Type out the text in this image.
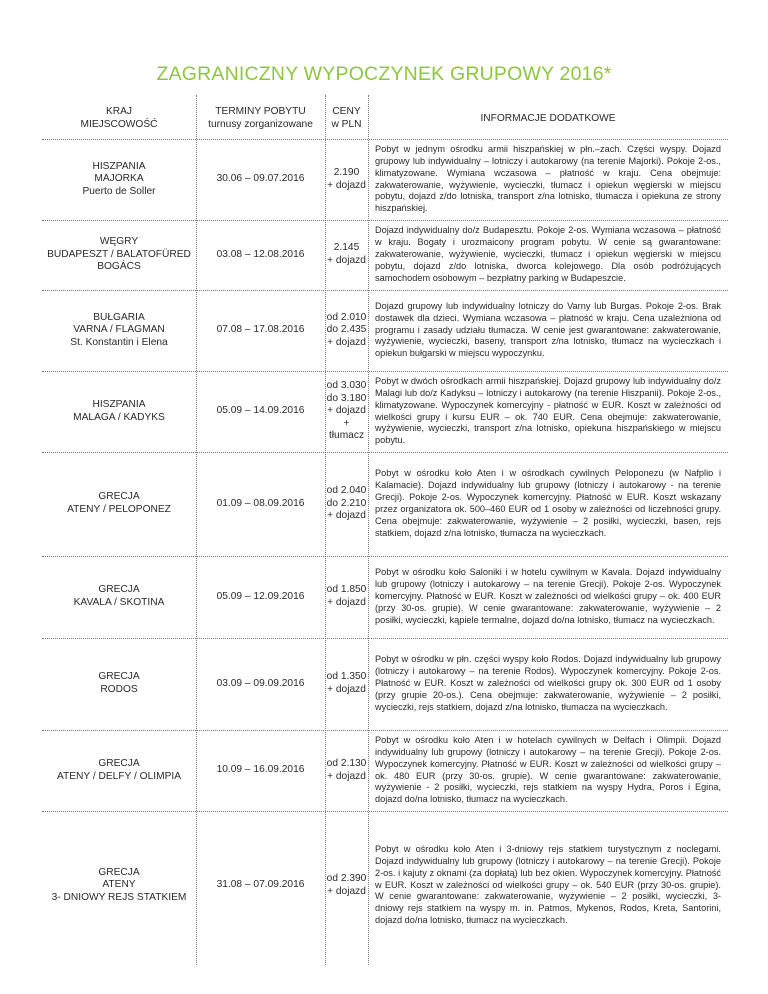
ZAGRANICZNY WYPOCZYNEK GRUPOWY 2016*
KRAJ
MIEJSCOWOŚĆ
TERMINY POBYTU
turnusy zorganizowane
CENY
w PLN
INFORMACJE DODATKOWE
HISZPANIA
MAJORKA
Puerto de Soller
30.06 – 09.07.2016
2.190
+ dojazd
Pobyt w jednym ośrodku armii hiszpańskiej w płn.–zach. Części wyspy. Dojazd grupowy lub indywidualny – lotniczy i autokarowy (na terenie Majorki). Pokoje 2-os., klimatyzowane. Wymiana wczasowa – płatność w kraju. Cena obejmuje: zakwaterowanie, wyżywienie, wycieczki, tłumacz i opiekun węgierski w miejscu pobytu, dojazd z/do lotniska, transport z/na lotnisko, tłumacza i opiekuna ze strony hiszpańskiej.
WĘGRY
BUDAPESZT / BALATOFÜRED
BOGÁCS
03.08 – 12.08.2016
2.145
+ dojazd
Dojazd indywidualny do/z Budapesztu. Pokoje 2-os. Wymiana wczasowa – płatność w kraju. Bogaty i urozmaicony program pobytu. W cenie są gwarantowane: zakwaterowanie, wyżywienie, wycieczki, tłumacz i opiekun węgierski w miejscu pobytu, dojazd z/do lotniska, dworca kolejowego. Dla osób podróżujących samochodem osobowym – bezpłatny parking w Budapeszcie.
BUŁGARIA
VARNA / FLAGMAN
St. Konstantin i Elena
07.08 – 17.08.2016
od 2.010
do 2.435
+ dojazd
Dojazd grupowy lub indywidualny lotniczy do Varny lub Burgas. Pokoje 2-os. Brak dostawek dla dzieci. Wymiana wczasowa – płatność w kraju. Cena uzależniona od programu i zasady udziału tłumacza. W cenie jest gwarantowane: zakwaterowanie, wyżywienie, wycieczki, baseny, transport z/na lotnisko, tłumacz na wycieczkach i opiekun bułgarski w miejscu wypoczynku.
HISZPANIA
MALAGA / KADYKS
05.09 – 14.09.2016
od 3.030
do 3.180
+ dojazd
+ tłumacz
Pobyt w dwóch ośrodkach armii hiszpańskiej. Dojazd grupowy lub indywidualny do/z Malagi lub do/z Kadyksu – lotniczy i autokarowy (na terenie Hiszpanii). Pokoje 2-os., klimatyzowane. Wypoczynek komercyjny - płatność w EUR. Koszt w zależności od wielkości grupy i kursu EUR – ok. 740 EUR. Cena obejmuje: zakwaterowanie, wyżywienie, wycieczki, transport z/na lotnisko, opiekuna hiszpańskiego w miejscu pobytu.
GRECJA
ATENY / PELOPONEZ
01.09 – 08.09.2016
od 2.040
do 2.210
+ dojazd
Pobyt w ośrodku koło Aten i w ośrodkach cywilnych Peloponezu (w Nafplio i Kalamacie). Dojazd indywidualny lub grupowy (lotniczy i autokarowy - na terenie Grecji). Pokoje 2-os. Wypoczynek komercyjny. Płatność w EUR. Koszt wskazany przez organizatora ok. 500–460 EUR od 1 osoby w zależności od liczebności grupy. Cena obejmuje: zakwaterowanie, wyżywienie – 2 posiłki, wycieczki, basen, rejs statkiem, dojazd z/na lotnisko, tłumacza na wycieczkach.
GRECJA
KAVALA / SKOTINA
05.09 – 12.09.2016
od 1.850
+ dojazd
Pobyt w ośrodku koło Saloniki i w hotelu cywilnym w Kavala. Dojazd indywidualny lub grupowy (lotniczy i autokarowy – na terenie Grecji). Pokoje 2-os. Wypoczynek komercyjny. Płatność w EUR. Koszt w zależności od wielkości grupy – ok. 400 EUR (przy 30-os. grupie). W cenie gwarantowane: zakwaterowanie, wyżywienie – 2 posiłki, wycieczki, kąpiele termalne, dojazd do/na lotnisko, tłumacz na wycieczkach.
GRECJA
RODOS
03.09 – 09.09.2016
od 1.350
+ dojazd
Pobyt w ośrodku w płn. części wyspy koło Rodos. Dojazd indywidualny lub grupowy (lotniczy i autokarowy – na terenie Rodos). Wypoczynek komercyjny. Pokoje 2-os. Płatność w EUR. Koszt w zależności od wielkości grupy ok. 300 EUR od 1 osoby (przy grupie 20-os.). Cena obejmuje: zakwaterowanie, wyżywienie – 2 posiłki, wycieczki, rejs statkiem, dojazd z/na lotnisko, tłumacza na wycieczkach.
GRECJA
ATENY / DELFY / OLIMPIA
10.09 – 16.09.2016
od 2.130
+ dojazd
Pobyt w ośrodku koło Aten i w hotelach cywilnych w Delfach i Olimpii. Dojazd indywidualny lub grupowy (lotniczy i autokarowy – na terenie Grecji). Pokoje 2-os. Wypoczynek komercyjny. Płatność w EUR. Koszt w zależności od wielkości grupy – ok. 480 EUR (przy 30-os. grupie). W cenie gwarantowane: zakwaterowanie, wyżywienie - 2 posiłki, wycieczki, rejs statkiem na wyspy Hydra, Poros i Egina, dojazd do/na lotnisko, tłumacz na wycieczkach.
GRECJA
ATENY
3- DNIOWY REJS STATKIEM
31.08 – 07.09.2016
od 2.390
+ dojazd
Pobyt w ośrodku koło Aten i 3-dniowy rejs statkiem turystycznym z noclegami. Dojazd indywidualny lub grupowy (lotniczy i autokarowy – na terenie Grecji). Pokoje 2-os. i kajuty z oknami (za dopłatą) lub bez okien. Wypoczynek komercyjny. Płatność w EUR. Koszt w zależności od wielkości grupy – ok. 540 EUR (przy 30-os. grupie). W cenie gwarantowane: zakwaterowanie, wyżywienie – 2 posiłki, wycieczki, 3-dniowy rejs statkiem na wyspy m. in. Patmos, Mykenos, Rodos, Kreta, Santorini, dojazd do/na lotnisko, tłumacz na wycieczkach.
